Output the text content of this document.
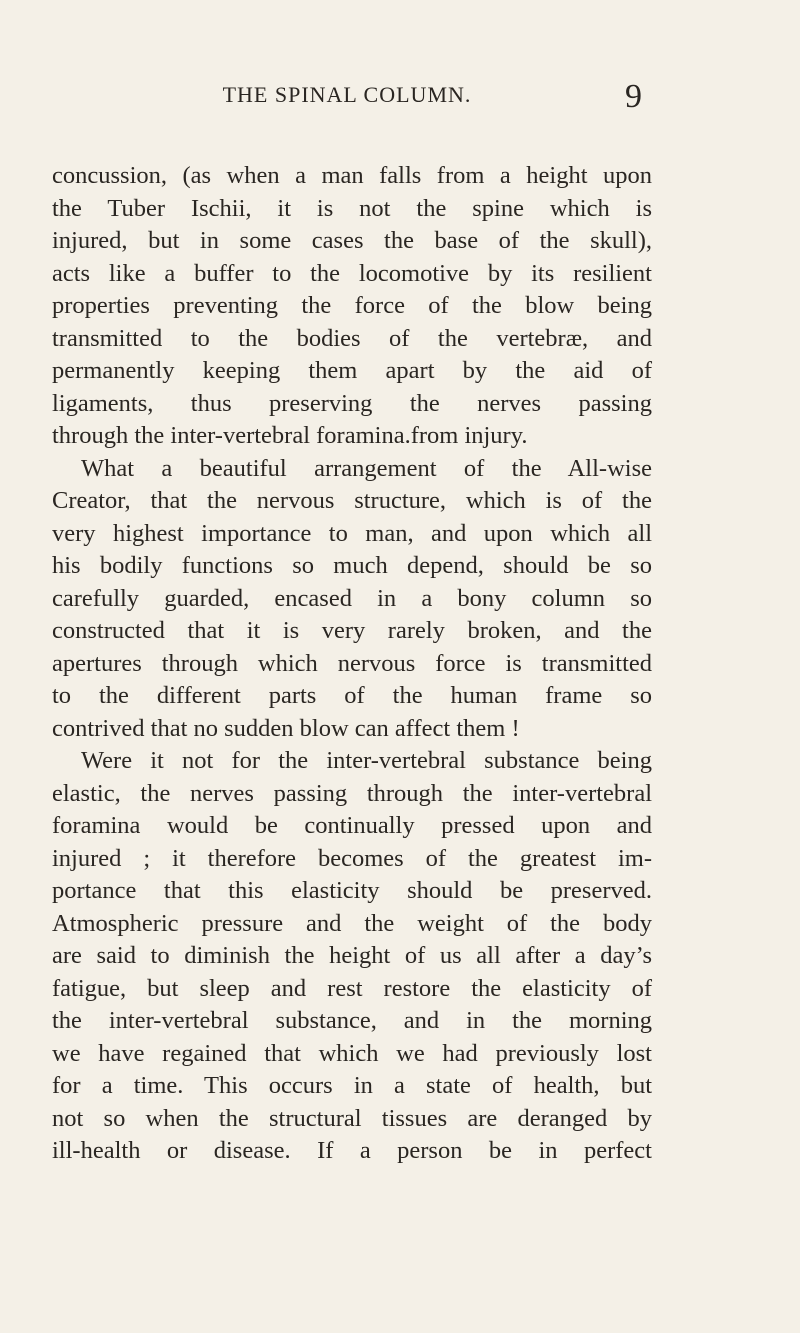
THE SPINAL COLUMN.	9
concussion, (as when a man falls from a height upon
the Tuber Ischii, it is not the spine which is
injured, but in some cases the base of the skull),
acts like a buffer to the locomotive by its resilient
properties preventing the force of the blow being
transmitted to the bodies of the vertebræ, and
permanently keeping them apart by the aid of
ligaments, thus preserving the nerves passing
through the inter-vertebral foramina.from injury.
What a beautiful arrangement of the All-wise
Creator, that the nervous structure, which is of the
very highest importance to man, and upon which all
his bodily functions so much depend, should be so
carefully guarded, encased in a bony column so
constructed that it is very rarely broken, and the
apertures through which nervous force is transmitted
to the different parts of the human frame so
contrived that no sudden blow can affect them !
Were it not for the inter-vertebral substance being
elastic, the nerves passing through the inter-vertebral
foramina would be continually pressed upon and
injured ; it therefore becomes of the greatest im-
portance that this elasticity should be preserved.
Atmospheric pressure and the weight of the body
are said to diminish the height of us all after a day’s
fatigue, but sleep and rest restore the elasticity of
the inter-vertebral substance, and in the morning
we have regained that which we had previously lost
for a time. This occurs in a state of health, but
not so when the structural tissues are deranged by
ill-health or disease. If a person be in perfect
